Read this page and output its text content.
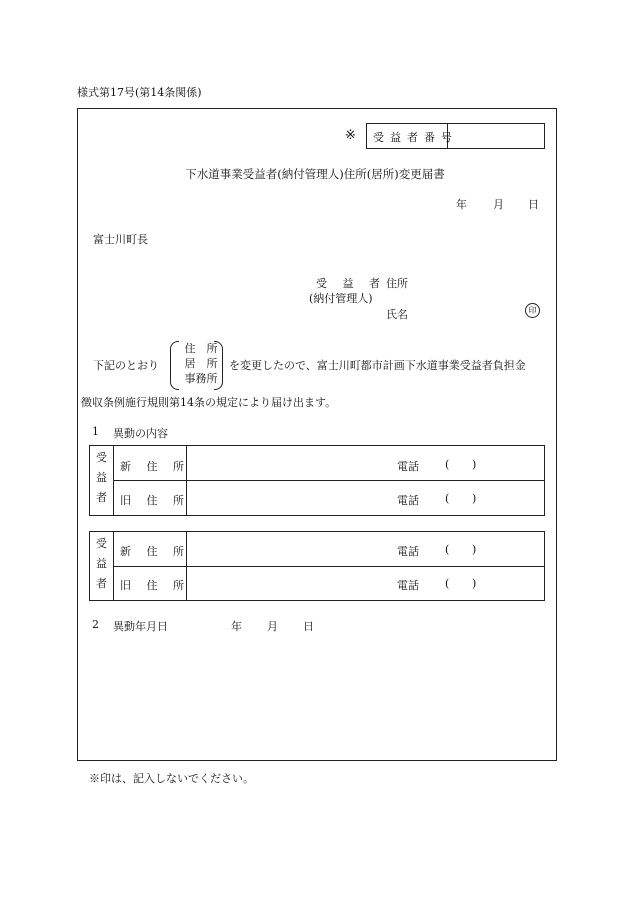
様式第17号(第14条関係)
※ 受益者番号
下水道事業受益者(納付管理人)住所(居所)変更届書
年 月 日
富士川町長
受 益 者 住所
(納付管理人)
氏名	印
下記のとおり
住　所
居　所
事務所
を変更したので、富士川町都市計画下水道事業受益者負担金
徴収条例施行規則第14条の規定により届け出ます。
1 異動の内容
受
益
者
新 住 所	電話 ( )
旧 住 所	電話 ( )
受
益
者
新 住 所	電話 ( )
旧 住 所	電話 ( )
2 異動年月日	年 月 日
※印は、記入しないでください。
